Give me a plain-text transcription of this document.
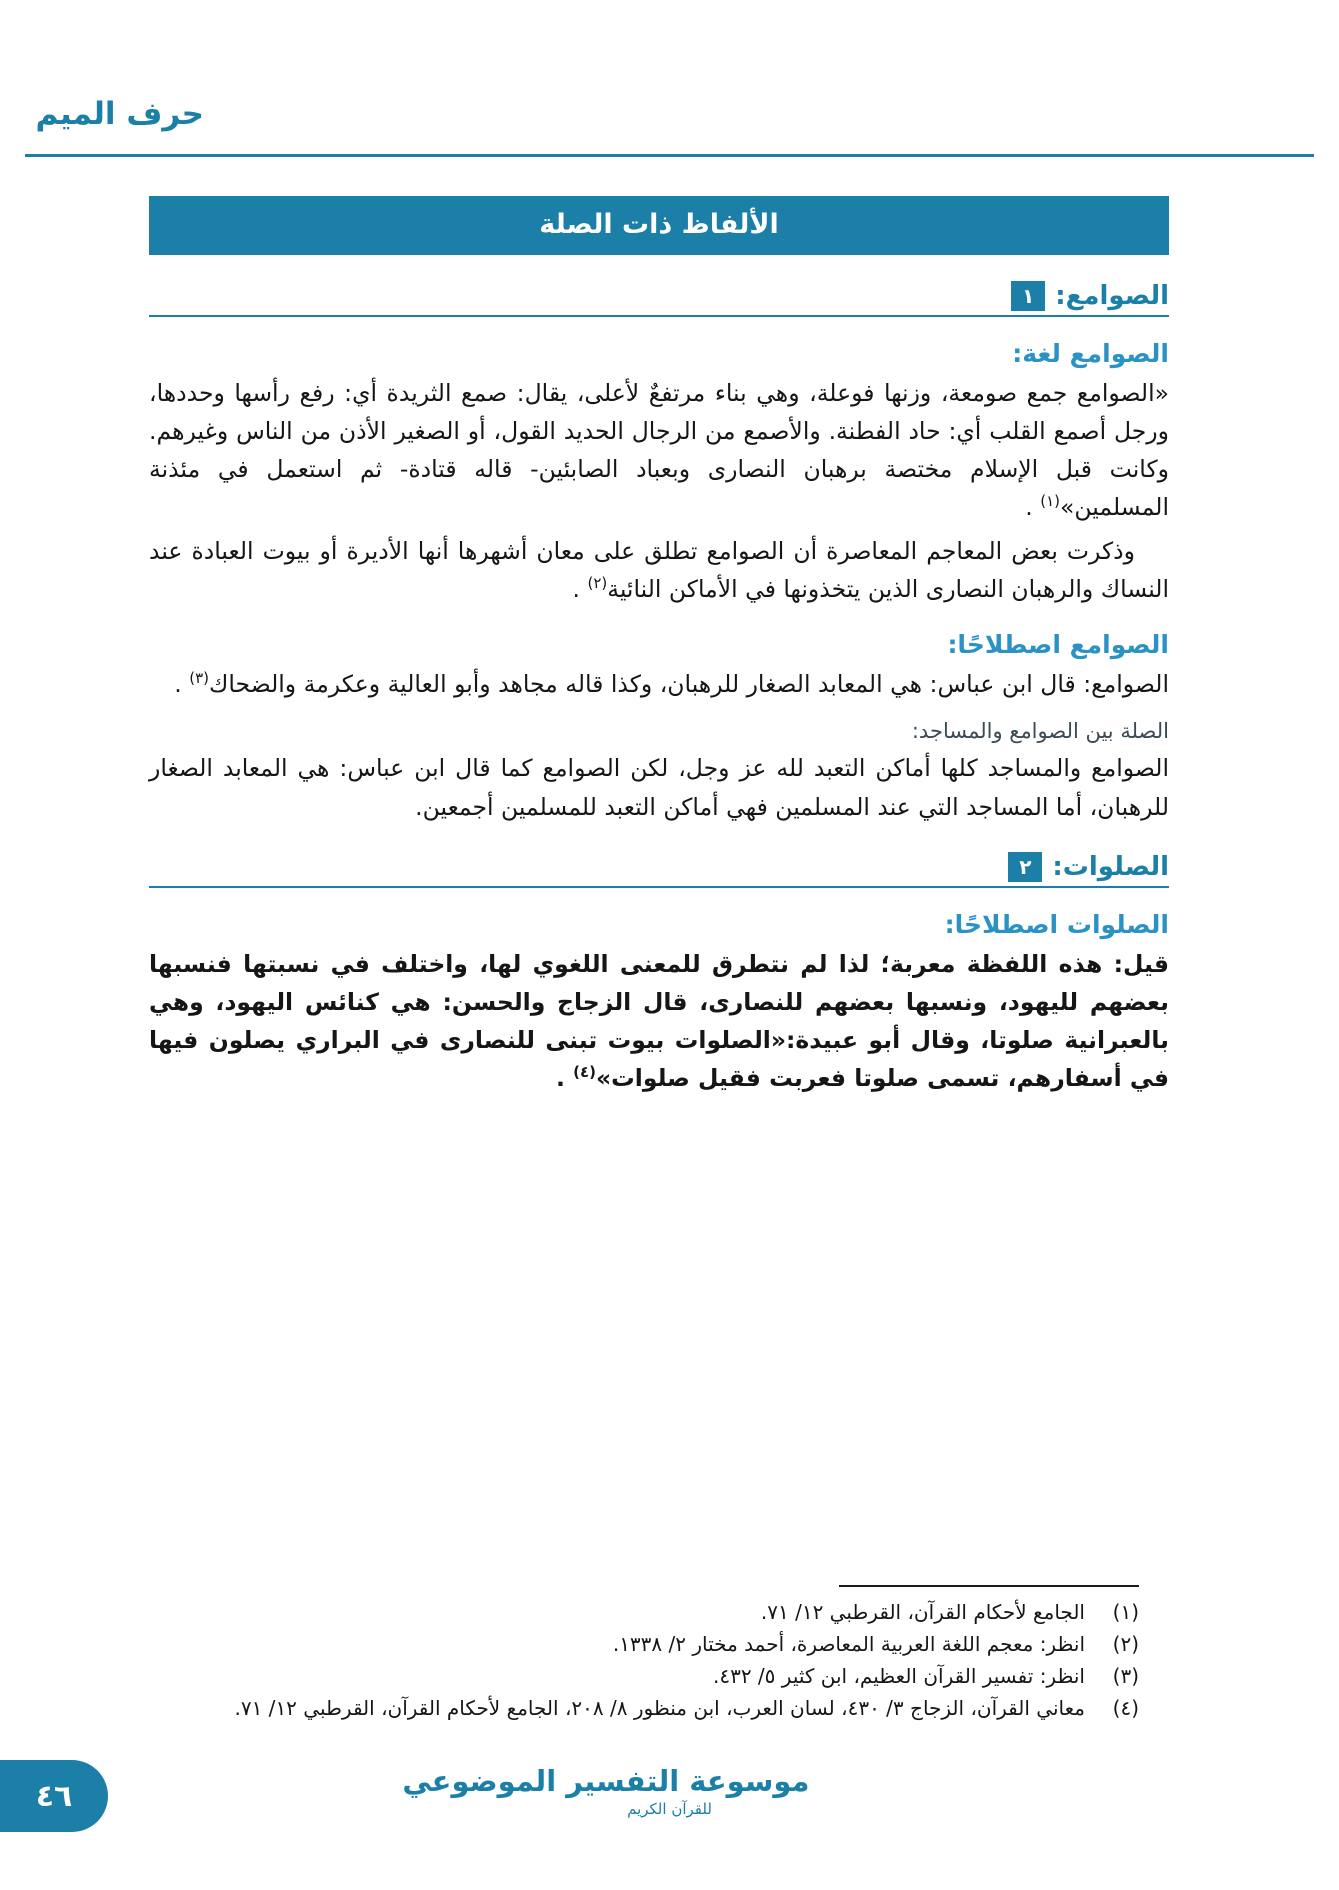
حرف الميم
الألفاظ ذات الصلة
الصوامع:
١
الصوامع لغة:

«الصوامع جمع صومعة، وزنها فوعلة، وهي بناء مرتفعٌ لأعلى، يقال: صمع الثريدة أي: رفع رأسها وحددها، ورجل أصمع القلب أي: حاد الفطنة. والأصمع من الرجال الحديد القول، أو الصغير الأذن من الناس وغيرهم. وكانت قبل الإسلام مختصة برهبان النصارى وبعباد الصابئين- قاله قتادة- ثم استعمل في مئذنة المسلمين»$^{(١)}$ .

وذكرت بعض المعاجم المعاصرة أن الصوامع تطلق على معان أشهرها أنها الأديرة أو بيوت العبادة عند النساك والرهبان النصارى الذين يتخذونها في الأماكن النائية$^{(٢)}$ .

الصوامع اصطلاحًا:

الصوامع: قال ابن عباس: هي المعابد الصغار للرهبان، وكذا قاله مجاهد وأبو العالية وعكرمة والضحاك$^{(٣)}$ .

الصلة بين الصوامع والمساجد:

الصوامع والمساجد كلها أماكن التعبد لله عز وجل، لكن الصوامع كما قال ابن عباس: هي المعابد الصغار للرهبان، أما المساجد التي عند المسلمين فهي أماكن التعبد للمسلمين أجمعين.

الصلوات:
٢
الصلوات اصطلاحًا:

قيل: هذه اللفظة معربة؛ لذا لم نتطرق للمعنى اللغوي لها، واختلف في نسبتها فنسبها بعضهم لليهود، ونسبها بعضهم للنصارى، قال الزجاج والحسن: هي كنائس اليهود، وهي بالعبرانية صلوتا، وقال أبو عبيدة:«الصلوات بيوت تبنى للنصارى في البراري يصلون فيها في أسفارهم، تسمى صلوتا فعربت فقيل صلوات»$^{(٤)}$ .

(١)
الجامع لأحكام القرآن، القرطبي ١٢/ ٧١.
(٢)
انظر: معجم اللغة العربية المعاصرة، أحمد مختار ٢/ ١٣٣٨.
(٣)
انظر: تفسير القرآن العظيم، ابن كثير ٥/ ٤٣٢.
(٤)
معاني القرآن، الزجاج ٣/ ٤٣٠، لسان العرب، ابن منظور ٨/ ٢٠٨، الجامع لأحكام القرآن، القرطبي ١٢/ ٧١.
موسوعة التفسير الموضوعي
للقرآن الكريم
٤٦
